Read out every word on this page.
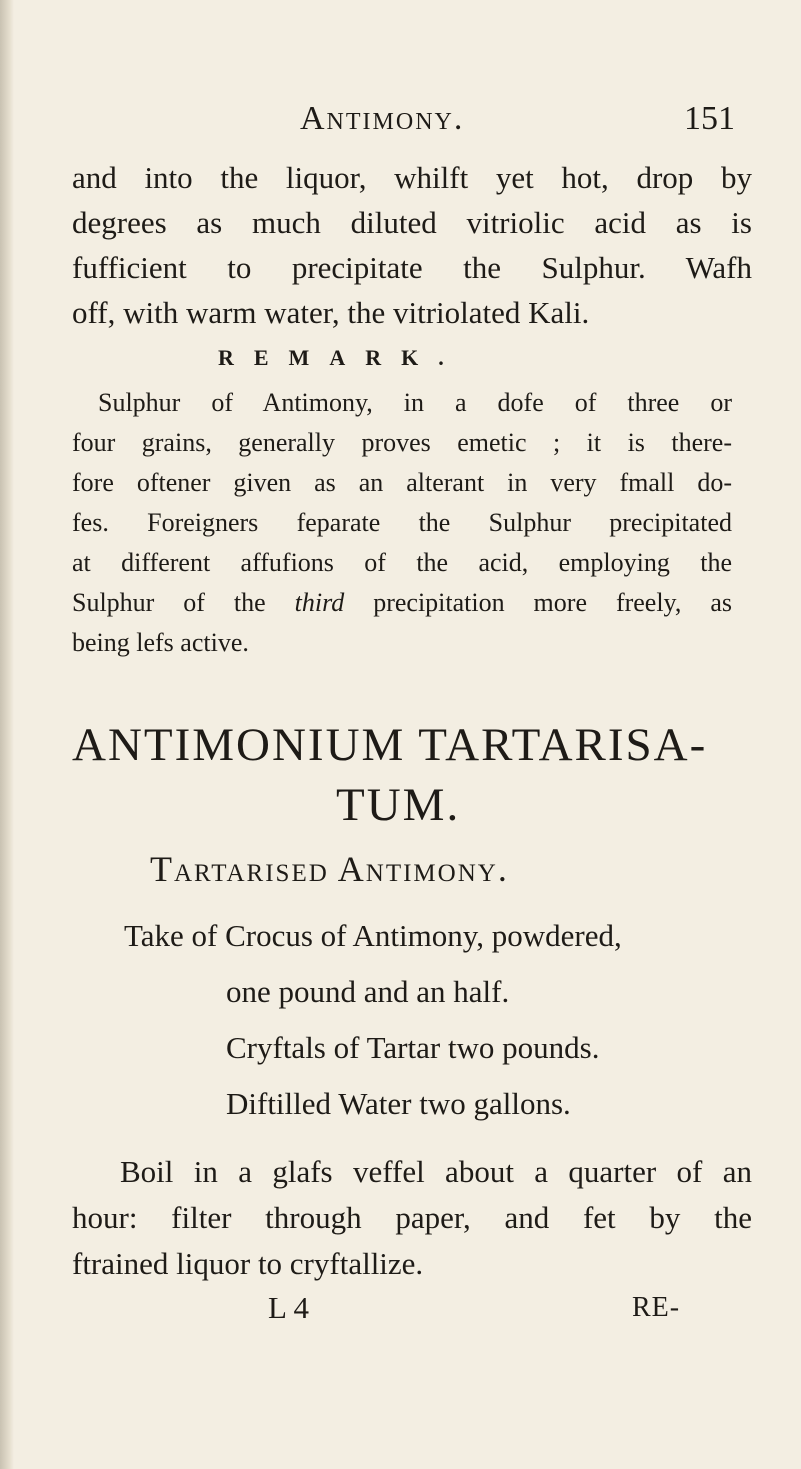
Antimony.	151
and into the liquor, whilft yet hot, drop by
degrees as much diluted vitriolic acid as is
fufficient to precipitate the Sulphur. Wafh
off, with warm water, the vitriolated Kali.
REMARK.
Sulphur of Antimony, in a dofe of three or
four grains, generally proves emetic ; it is there-
fore oftener given as an alterant in very fmall do-
fes. Foreigners feparate the Sulphur precipitated
at different affufions of the acid, employing the
Sulphur of the third precipitation more freely, as
being lefs active.
ANTIMONIUM TARTARISA-
TUM.
Tartarised Antimony.
Take of Crocus of Antimony, powdered,
one pound and an half.
Cryftals of Tartar two pounds.
Diftilled Water two gallons.
Boil in a glafs veffel about a quarter of an
hour: filter through paper, and fet by the
ftrained liquor to cryftallize.
L 4	RE-
